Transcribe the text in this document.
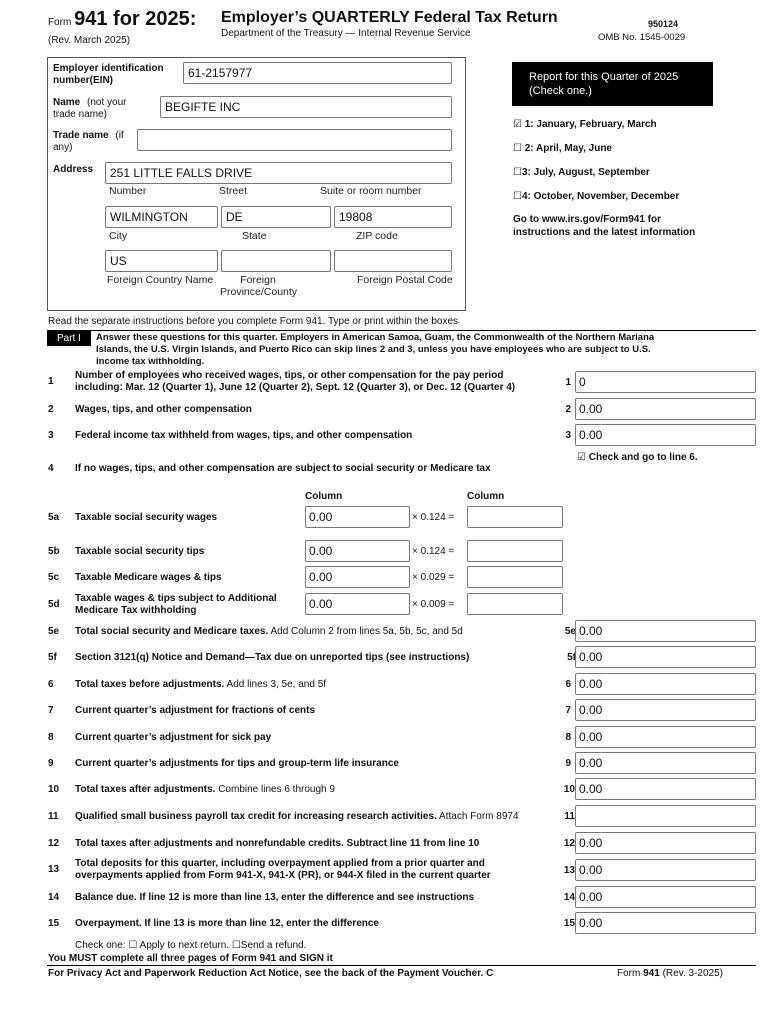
Form 941 for 2025:
(Rev. March 2025)
Employer’s QUARTERLY Federal Tax Return
Department of the Treasury — Internal Revenue Service
950124
OMB No. 1545-0029
Employer identification number(EIN)
61-2157977
Name (not your
trade name)
BEGIFTE INC
Trade name (if
any)
Address	251 LITTLE FALLS DRIVE
Number	Street	Suite or room number
WILMINGTON	DE	19808
City	State	ZIP code
US
Foreign Country Name	Foreign
Province/County
Foreign Postal Code
Report for this Quarter of 2025
(Check one.)
☑ 1: January, February, March
☐ 2: April, May, June
☐3: July, August, September
☐4: October, November, December
Go to www.irs.gov/Form941 for
instructions and the latest information
Read the separate instructions before you complete Form 941. Type or print within the boxes
Part I	Answer these questions for this quarter. Employers in American Samoa, Guam, the Commonwealth of the Northern Mariana
Islands, the U.S. Virgin Islands, and Puerto Rico can skip lines 2 and 3, unless you have employees who are subject to U.S.
income tax withholding.
1
Number of employees who received wages, tips, or other compensation for the pay period
including: Mar. 12 (Quarter 1), June 12 (Quarter 2), Sept. 12 (Quarter 3), or Dec. 12 (Quarter 4)	1 0
2 Wages, tips, and other compensation	2 0.00
3 Federal income tax withheld from wages, tips, and other compensation	3 0.00
☑ Check and go to line 6.
4 If no wages, tips, and other compensation are subject to social security or Medicare tax
Column	Column
5a Taxable social security wages	0.00	× 0.124 =
5b Taxable social security tips	0.00	× 0.124 =
5c Taxable Medicare wages & tips	0.00	× 0.029 =
5d
Taxable wages & tips subject to Additional
Medicare Tax withholding	0.00	× 0.009 =
5e Total social security and Medicare taxes. Add Column 2 from lines 5a, 5b, 5c, and 5d	5e 0.00
5f Section 3121(q) Notice and Demand—Tax due on unreported tips (see instructions)	5f 0.00
6 Total taxes before adjustments. Add lines 3, 5e, and 5f	6 0.00
7 Current quarter’s adjustment for fractions of cents	7 0.00
8 Current quarter’s adjustment for sick pay	8 0.00
9 Current quarter’s adjustments for tips and group-term life insurance	9 0.00
10 Total taxes after adjustments. Combine lines 6 through 9	10 0.00
11 Qualified small business payroll tax credit for increasing research activities. Attach Form 8974	11
12 Total taxes after adjustments and nonrefundable credits. Subtract line 11 from line 10	12 0.00
13
Total deposits for this quarter, including overpayment applied from a prior quarter and
overpayments applied from Form 941-X, 941-X (PR), or 944-X filed in the current quarter	13 0.00
14 Balance due. If line 12 is more than line 13, enter the difference and see instructions	14 0.00
15 Overpayment. If line 13 is more than line 12, enter the difference	15 0.00
Check one: ☐ Apply to next return. ☐Send a refund.
You MUST complete all three pages of Form 941 and SIGN it
For Privacy Act and Paperwork Reduction Act Notice, see the back of the Payment Voucher. C	Form 941 (Rev. 3-2025)
